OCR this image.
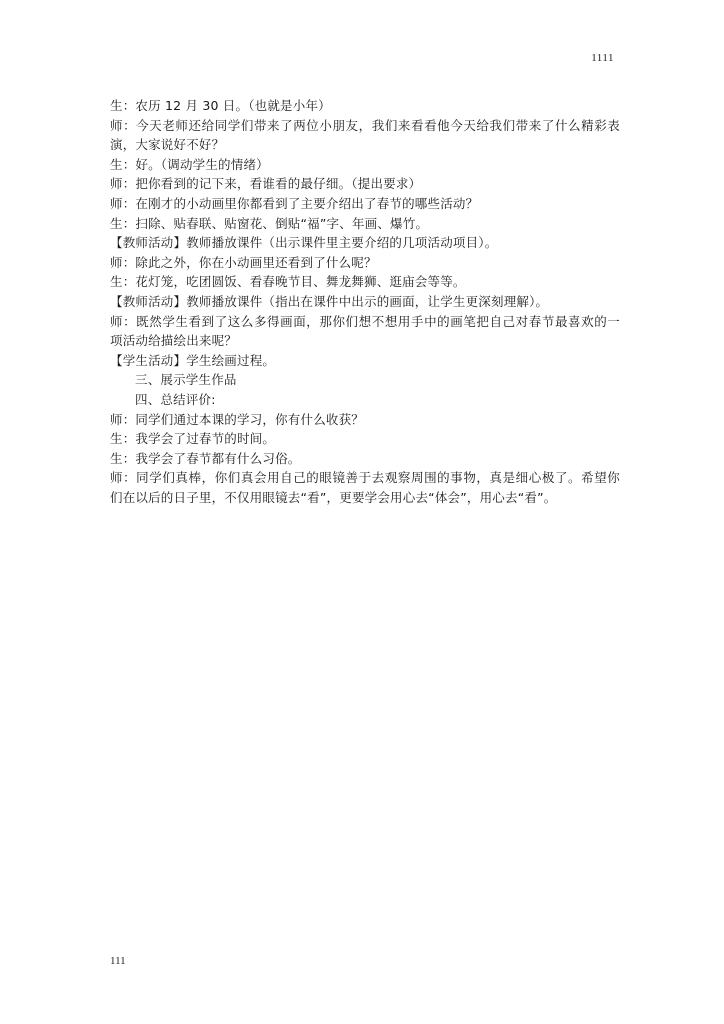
1111
生：农历 12 月 30 日。（也就是小年）
师：今天老师还给同学们带来了两位小朋友，我们来看看他今天给我们带来了什么精彩表
演，大家说好不好？
生：好。（调动学生的情绪）
师：把你看到的记下来，看谁看的最仔细。（提出要求）
师：在刚才的小动画里你都看到了主要介绍出了春节的哪些活动？
生：扫除、贴春联、贴窗花、倒贴“福”字、年画、爆竹。
【教师活动】教师播放课件（出示课件里主要介绍的几项活动项目）。
师：除此之外，你在小动画里还看到了什么呢？
生：花灯笼，吃团圆饭、看春晚节目、舞龙舞狮、逛庙会等等。
【教师活动】教师播放课件（指出在课件中出示的画面，让学生更深刻理解）。
师：既然学生看到了这么多得画面，那你们想不想用手中的画笔把自己对春节最喜欢的一
项活动给描绘出来呢？
【学生活动】学生绘画过程。
三、展示学生作品
四、总结评价:
师：同学们通过本课的学习，你有什么收获？
生：我学会了过春节的时间。
生：我学会了春节都有什么习俗。
师：同学们真棒，你们真会用自己的眼镜善于去观察周围的事物，真是细心极了。希望你
们在以后的日子里，不仅用眼镜去“看”，更要学会用心去“体会”，用心去“看”。
111
